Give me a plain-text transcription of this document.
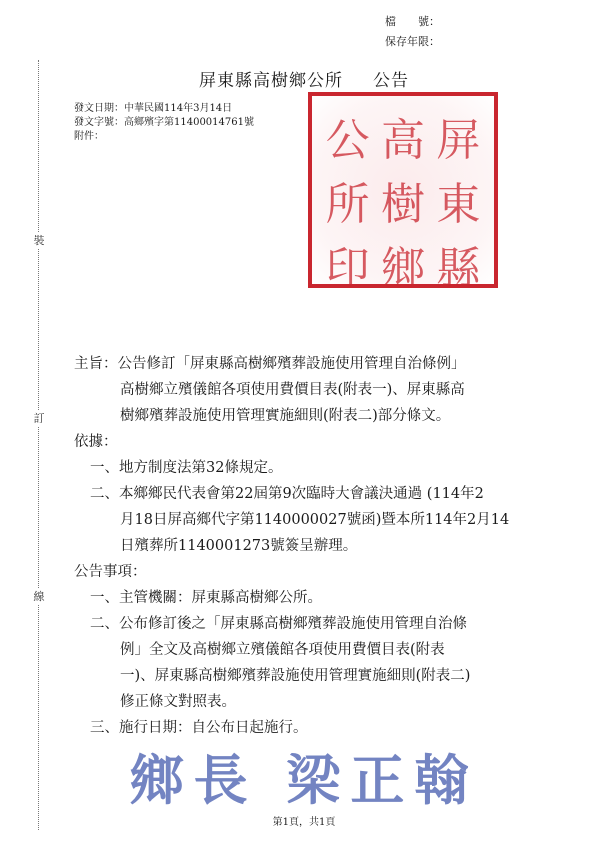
檔　　號：
保存年限：
裝
訂
線
屏東縣高樹鄉公所 公告
發文日期：中華民國114年3月14日
發文字號：高鄉殯字第11400014761號
附件：	屏
東
縣
高
樹
鄉
公
所
印
主旨：公告修訂「屏東縣高樹鄉殯葬設施使用管理自治條例」
高樹鄉立殯儀館各項使用費價目表(附表一)、屏東縣高
樹鄉殯葬設施使用管理實施細則(附表二)部分條文。
依據：
一、地方制度法第32條規定。
二、本鄉鄉民代表會第22屆第9次臨時大會議決通過 (114年2
月18日屏高鄉代字第1140000027號函)暨本所114年2月14
日殯葬所1140001273號簽呈辦理。
公告事項：
一、主管機關：屏東縣高樹鄉公所。
二、公布修訂後之「屏東縣高樹鄉殯葬設施使用管理自治條
例」全文及高樹鄉立殯儀館各項使用費價目表(附表
一)、屏東縣高樹鄉殯葬設施使用管理實施細則(附表二)
修正條文對照表。
三、施行日期：自公布日起施行。
鄉長 梁正翰
第1頁，共1頁
